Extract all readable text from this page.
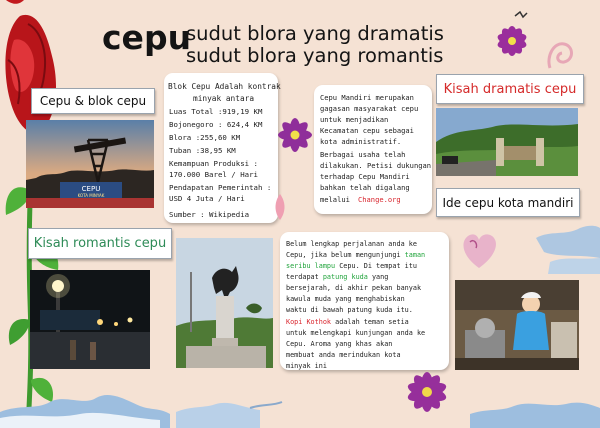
cepu
sudut blora yang dramatis
sudut blora yang romantis
Cepu & blok cepu
Kisah romantis cepu
Kisah dramatis cepu
Ide cepu kota mandiri
CEPU
KOTA MINYAK
Blok Cepu Adalah kontrak
minyak antara
Luas Total :919,19 KM
Bojonegoro : 624,4 KM
Blora :255,60 KM
Tuban :38,95 KM
Kemampuan Produksi :
170.000 Barel / Hari
Pendapatan Pemerintah :
USD 4 Juta / Hari
Sumber : Wikipedia
Cepu Mandiri merupakan
gagasan masyarakat cepu
untuk menjadikan
Kecamatan cepu sebagai
kota administratif.
Berbagai usaha telah
dilakukan. Petisi dukungan
terhadap Cepu Mandiri
bahkan telah digalang
melalui Change.org
Belum lengkap perjalanan anda ke
Cepu, jika belum mengunjungi taman
seribu lampu Cepu. Di tempat itu
terdapat patung kuda yang
bersejarah, di akhir pekan banyak
kawula muda yang menghabiskan
waktu di bawah patung kuda itu.
Kopi Kothok adalah teman setia
untuk melengkapi kunjungan anda ke
Cepu. Aroma yang khas akan
membuat anda merindukan kota
minyak ini
